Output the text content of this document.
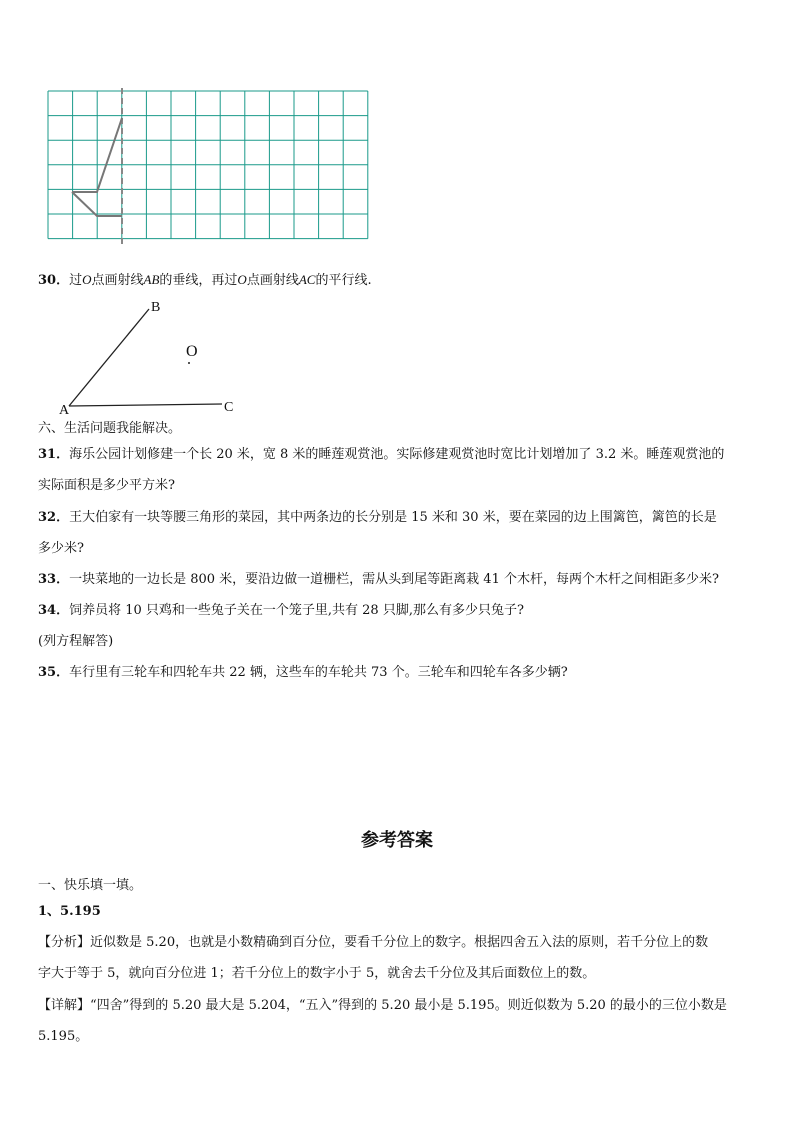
30．过O点画射线AB的垂线，再过O点画射线AC的平行线.

A
B
C
O

六、生活问题我能解决。

31．海乐公园计划修建一个长 20 米，宽 8 米的睡莲观赏池。实际修建观赏池时宽比计划增加了 3.2 米。睡莲观赏池的

实际面积是多少平方米?

32．王大伯家有一块等腰三角形的菜园，其中两条边的长分别是 15 米和 30 米，要在菜园的边上围篱笆，篱笆的长是

多少米?

33．一块菜地的一边长是 800 米，要沿边做一道栅栏，需从头到尾等距离栽 41 个木杆，每两个木杆之间相距多少米?

34．饲养员将 10 只鸡和一些兔子关在一个笼子里,共有 28 只脚,那么有多少只兔子?

(列方程解答)

35．车行里有三轮车和四轮车共 22 辆，这些车的车轮共 73 个。三轮车和四轮车各多少辆?

参考答案

一、快乐填一填。

1、5.195

【分析】近似数是 5.20，也就是小数精确到百分位，要看千分位上的数字。根据四舍五入法的原则，若千分位上的数

字大于等于 5，就向百分位进 1；若千分位上的数字小于 5，就舍去千分位及其后面数位上的数。

【详解】“四舍”得到的 5.20 最大是 5.204，“五入”得到的 5.20 最小是 5.195。则近似数为 5.20 的最小的三位小数是

5.195。
